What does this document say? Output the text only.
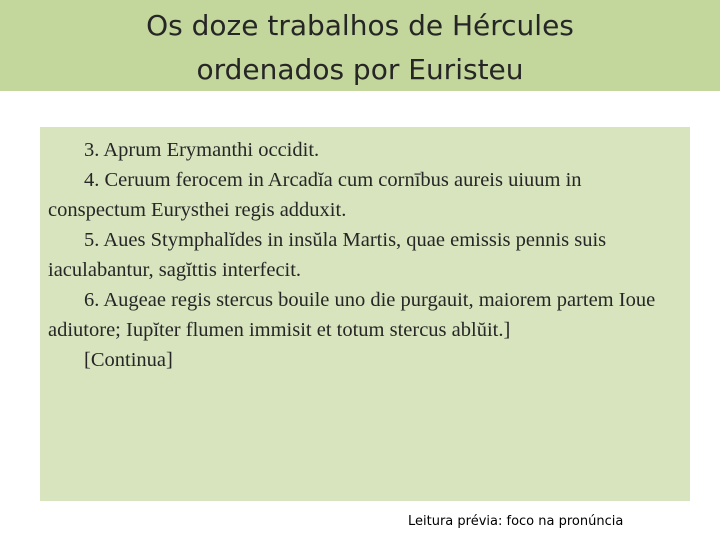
Os doze trabalhos de Hércules
ordenados por Euristeu

3. Aprum Erymanthi occidit.

4. Ceruum ferocem in Arcadĭa cum cornībus aureis uiuum in conspectum Eurysthei regis adduxit.

5. Aues Stymphalĭdes in insŭla Martis, quae emissis pennis suis iaculabantur, sagĭttis interfecit.

6. Augeae regis stercus bouile uno die purgauit, maiorem partem Ioue adiutore; Iupĭter flumen immisit et totum stercus ablŭit.]

[Continua]

Leitura prévia: foco na pronúncia
